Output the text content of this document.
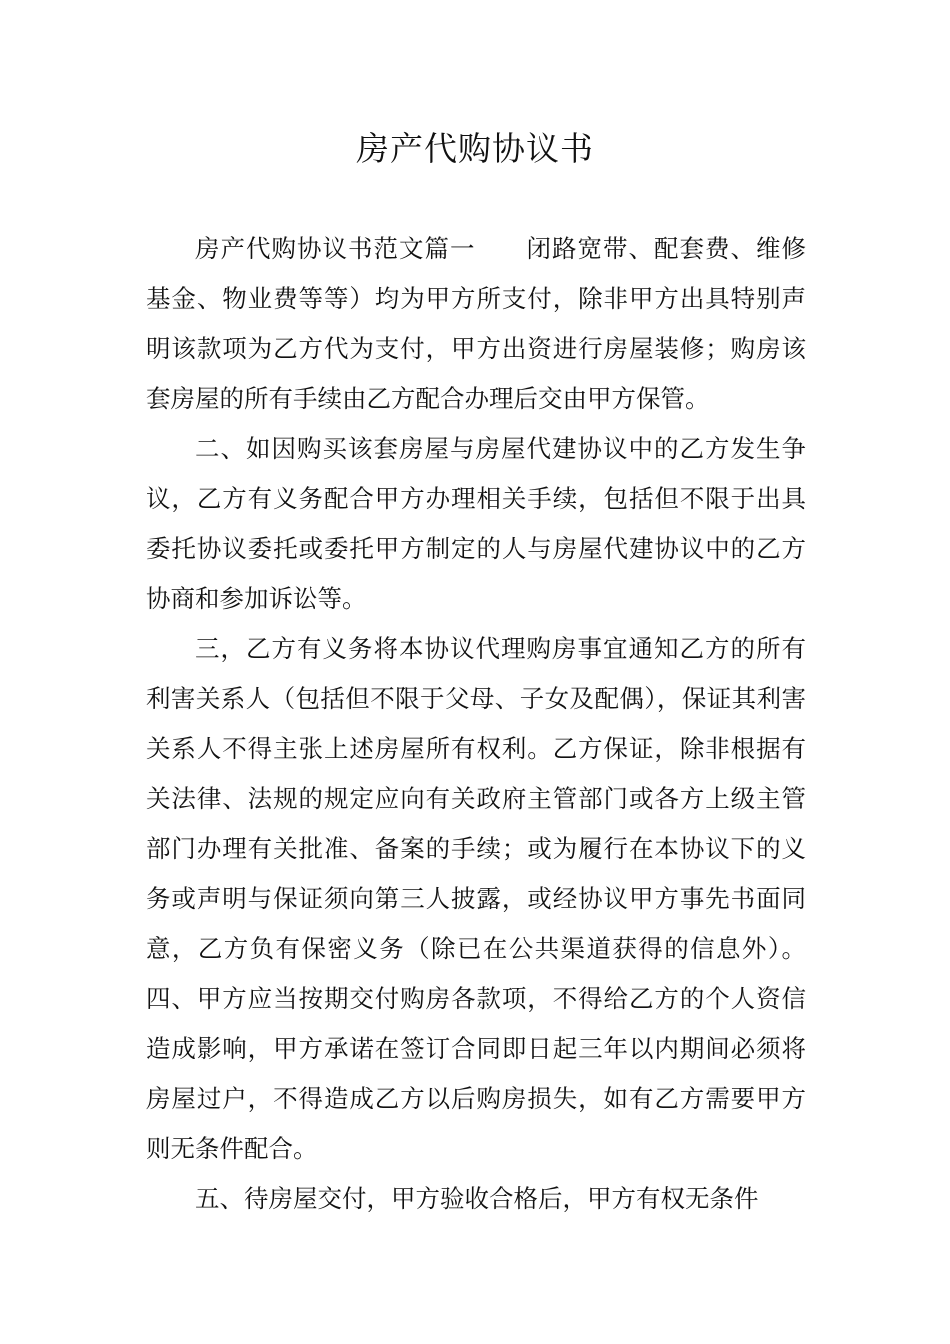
房产代购协议书

房产代购协议书范文篇一　　闭路宽带、配套费、维修基金、物业费等等）均为甲方所支付，除非甲方出具特别声明该款项为乙方代为支付，甲方出资进行房屋装修；购房该套房屋的所有手续由乙方配合办理后交由甲方保管。

二、如因购买该套房屋与房屋代建协议中的乙方发生争议，乙方有义务配合甲方办理相关手续，包括但不限于出具委托协议委托或委托甲方制定的人与房屋代建协议中的乙方协商和参加诉讼等。

三，乙方有义务将本协议代理购房事宜通知乙方的所有利害关系人（包括但不限于父母、子女及配偶），保证其利害关系人不得主张上述房屋所有权利。乙方保证，除非根据有关法律、法规的规定应向有关政府主管部门或各方上级主管部门办理有关批准、备案的手续；或为履行在本协议下的义务或声明与保证须向第三人披露，或经协议甲方事先书面同意，乙方负有保密义务（除已在公共渠道获得的信息外）。四、甲方应当按期交付购房各款项，不得给乙方的个人资信造成影响，甲方承诺在签订合同即日起三年以内期间必须将房屋过户，不得造成乙方以后购房损失，如有乙方需要甲方则无条件配合。

五、待房屋交付，甲方验收合格后，甲方有权无条件
